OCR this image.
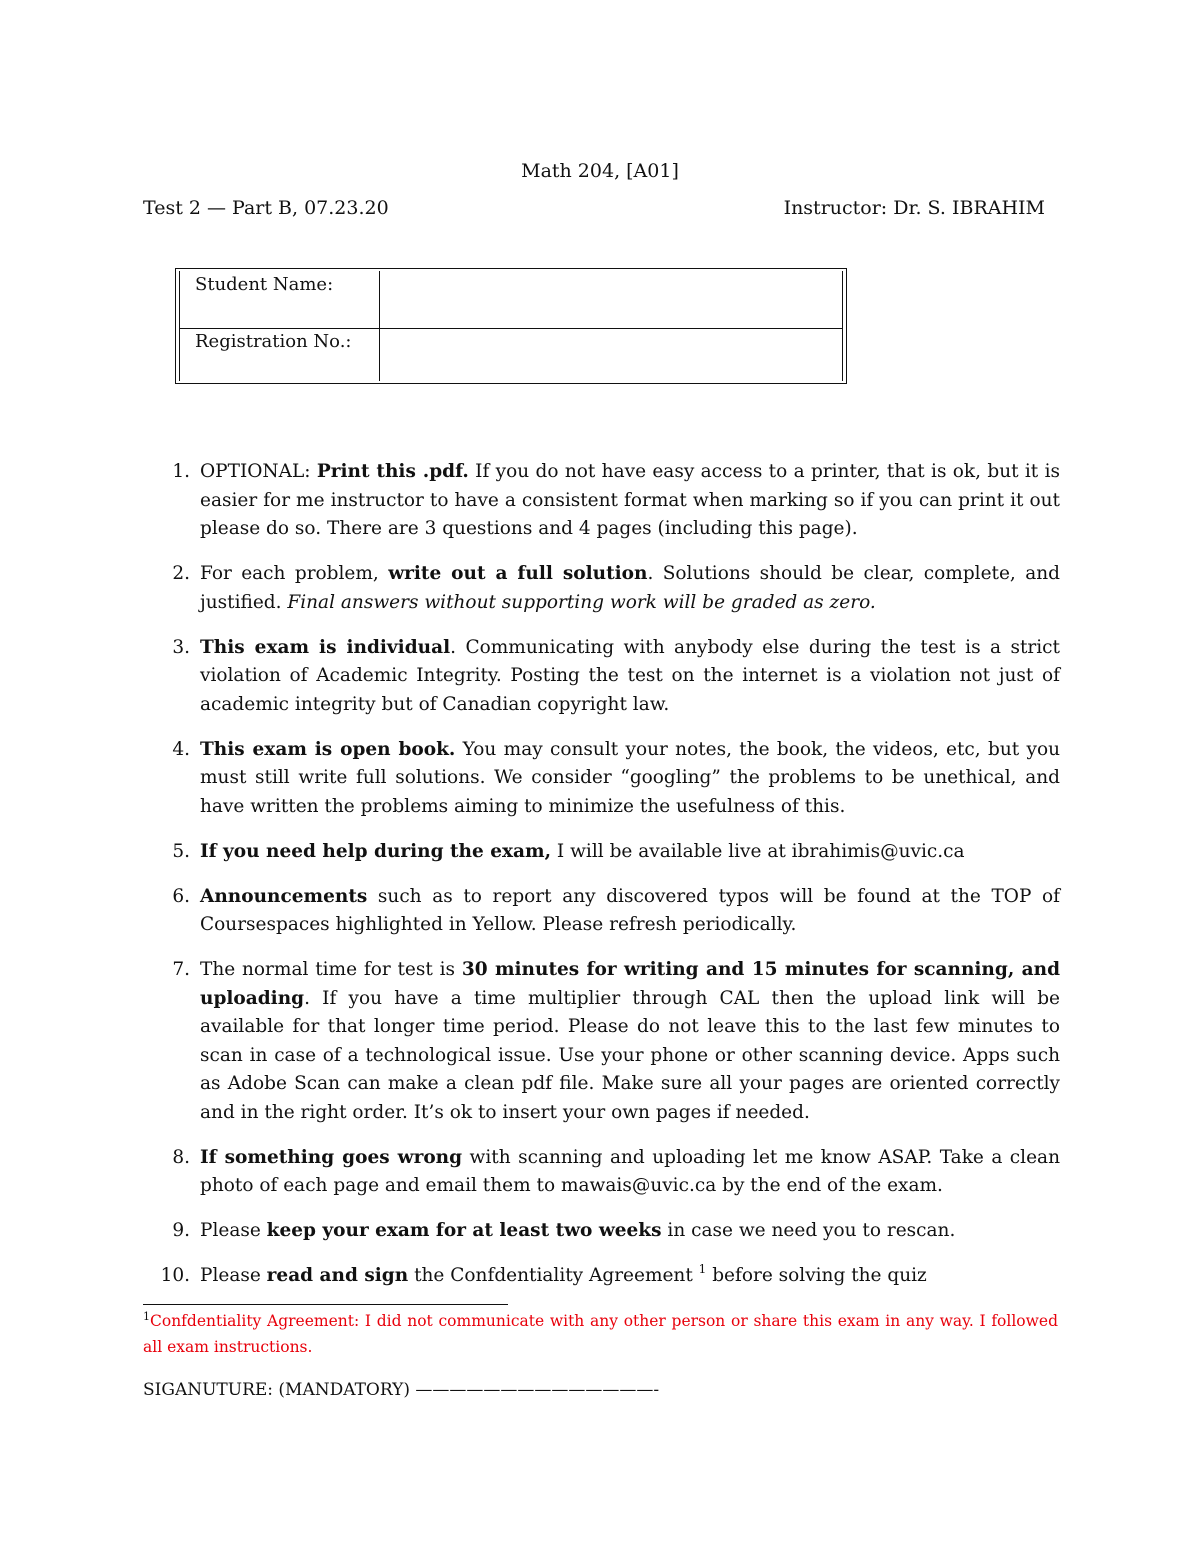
Math 204, [A01]
Test 2 — Part B, 07.23.20	Instructor: Dr. S. IBRAHIM
Student Name:
Registration No.:
1. OPTIONAL: Print this .pdf. If you do not have easy access to a printer, that is ok, but it is easier for me instructor to have a consistent format when marking so if you can print it out please do so. There are 3 questions and 4 pages (including this page).
2. For each problem, write out a full solution. Solutions should be clear, complete, and justified. Final answers without supporting work will be graded as zero.
3. This exam is individual. Communicating with anybody else during the test is a strict violation of Academic Integrity. Posting the test on the internet is a violation not just of academic integrity but of Canadian copyright law.
4. This exam is open book. You may consult your notes, the book, the videos, etc, but you must still write full solutions. We consider “googling” the problems to be unethical, and have written the problems aiming to minimize the usefulness of this.
5. If you need help during the exam, I will be available live at ibrahimis@uvic.ca
6. Announcements such as to report any discovered typos will be found at the TOP of Coursespaces highlighted in Yellow. Please refresh periodically.
7. The normal time for test is 30 minutes for writing and 15 minutes for scanning, and uploading. If you have a time multiplier through CAL then the upload link will be available for that longer time period. Please do not leave this to the last few minutes to scan in case of a technological issue. Use your phone or other scanning device. Apps such as Adobe Scan can make a clean pdf file. Make sure all your pages are oriented correctly and in the right order. It’s ok to insert your own pages if needed.
8. If something goes wrong with scanning and uploading let me know ASAP. Take a clean photo of each page and email them to mawais@uvic.ca by the end of the exam.
9. Please keep your exam for at least two weeks in case we need you to rescan.
10. Please read and sign the Confdentiality Agreement $^1$ before solving the quiz
$^1$Confdentiality Agreement: I did not communicate with any other person or share this exam in any way. I followed all exam instructions.
SIGANUTURE: (MANDATORY) ——————————————-
